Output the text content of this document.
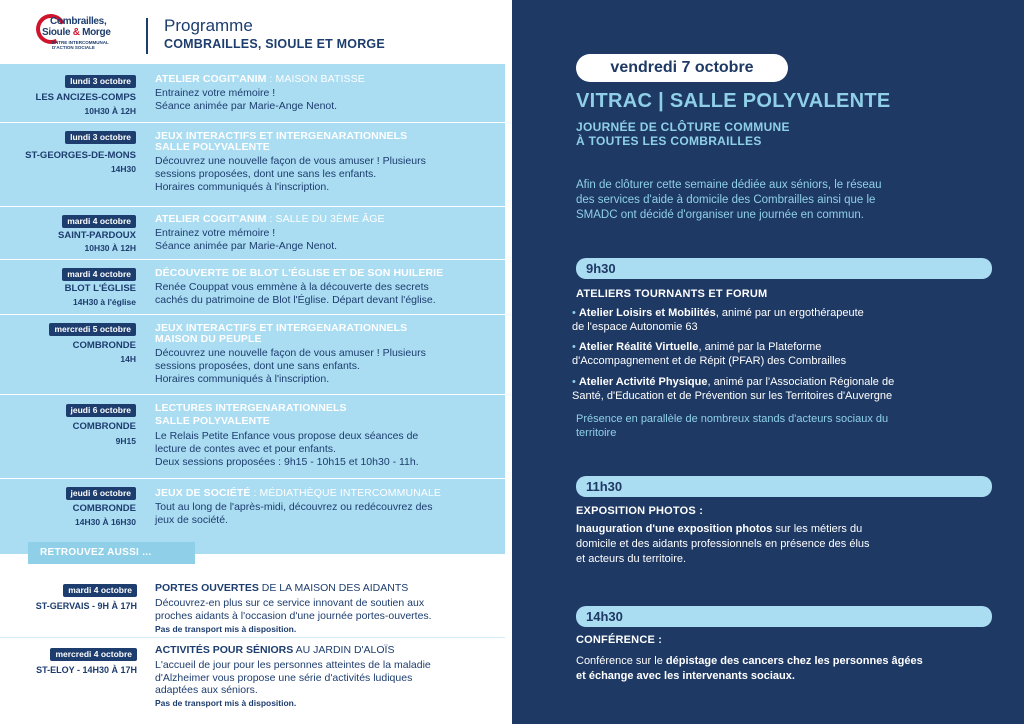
Combrailles,
Sioule & Morge
ENTRE INTERCOMMUNAL D'ACTION SOCIALE
Programme
COMBRAILLES, SIOULE ET MORGE
lundi 3 octobre
LES ANCIZES-COMPS
10H30 À 12H
ATELIER COGIT'ANIM : MAISON BATISSE
Entrainez votre mémoire !
Séance animée par Marie-Ange Nenot.
lundi 3 octobre
ST-GEORGES-DE-MONS
14H30
JEUX INTERACTIFS ET INTERGENARATIONNELS
SALLE POLYVALENTE
Découvrez une nouvelle façon de vous amuser ! Plusieurs
sessions proposées, dont une sans les enfants.
Horaires communiqués à l'inscription.
mardi 4 octobre
SAINT-PARDOUX
10H30 À 12H
ATELIER COGIT'ANIM : SALLE DU 3ÈME ÂGE
Entrainez votre mémoire !
Séance animée par Marie-Ange Nenot.
mardi 4 octobre
BLOT L'ÉGLISE
14H30 à l'église
DÉCOUVERTE DE BLOT L'ÉGLISE ET DE SON HUILERIE
Renée Couppat vous emmène à la découverte des secrets
cachés du patrimoine de Blot l'Église. Départ devant l'église.
mercredi 5 octobre
COMBRONDE
14H
JEUX INTERACTIFS ET INTERGENARATIONNELS
MAISON DU PEUPLE
Découvrez une nouvelle façon de vous amuser ! Plusieurs
sessions proposées, dont une sans enfants.
Horaires communiqués à l'inscription.
jeudi 6 octobre
COMBRONDE
9H15
LECTURES INTERGENARATIONNELS
SALLE POLYVALENTE
Le Relais Petite Enfance vous propose deux séances de
lecture de contes avec et pour enfants.
Deux sessions proposées : 9h15 - 10h15 et 10h30 - 11h.
jeudi 6 octobre
COMBRONDE
14H30 À 16H30
JEUX DE SOCIÉTÉ : MÉDIATHÈQUE INTERCOMMUNALE
Tout au long de l'après-midi, découvrez ou redécouvrez des
jeux de société.
mardi 4 octobre
ST-GERVAIS - 9H À 17H
PORTES OUVERTES DE LA MAISON DES AIDANTS
Découvrez-en plus sur ce service innovant de soutien aux
proches aidants à l'occasion d'une journée portes-ouvertes.
Pas de transport mis à disposition.
mercredi 4 octobre
ST-ELOY - 14H30 À 17H
ACTIVITÉS POUR SÉNIORS AU JARDIN D'ALOÏS
L'accueil de jour pour les personnes atteintes de la maladie
d'Alzheimer vous propose une série d'activités ludiques
adaptées aux séniors.
Pas de transport mis à disposition.
RETROUVEZ AUSSI ...
vendredi 7 octobre
VITRAC | SALLE POLYVALENTE
JOURNÉE DE CLÔTURE COMMUNE
À TOUTES LES COMBRAILLES
Afin de clôturer cette semaine dédiée aux séniors, le réseau
des services d'aide à domicile des Combrailles ainsi que le
SMADC ont décidé d'organiser une journée en commun.
9h30
ATELIERS TOURNANTS ET FORUM
• Atelier Loisirs et Mobilités, animé par un ergothérapeute
de l'espace Autonomie 63
• Atelier Réalité Virtuelle, animé par la Plateforme
d'Accompagnement et de Répit (PFAR) des Combrailles
• Atelier Activité Physique, animé par l'Association Régionale de
Santé, d'Education et de Prévention sur les Territoires d'Auvergne
Présence en parallèle de nombreux stands d'acteurs sociaux du
territoire
11h30
EXPOSITION PHOTOS :
Inauguration d'une exposition photos sur les métiers du
domicile et des aidants professionnels en présence des élus
et acteurs du territoire.
14h30
CONFÉRENCE :
Conférence sur le dépistage des cancers chez les personnes âgées
et échange avec les intervenants sociaux.
